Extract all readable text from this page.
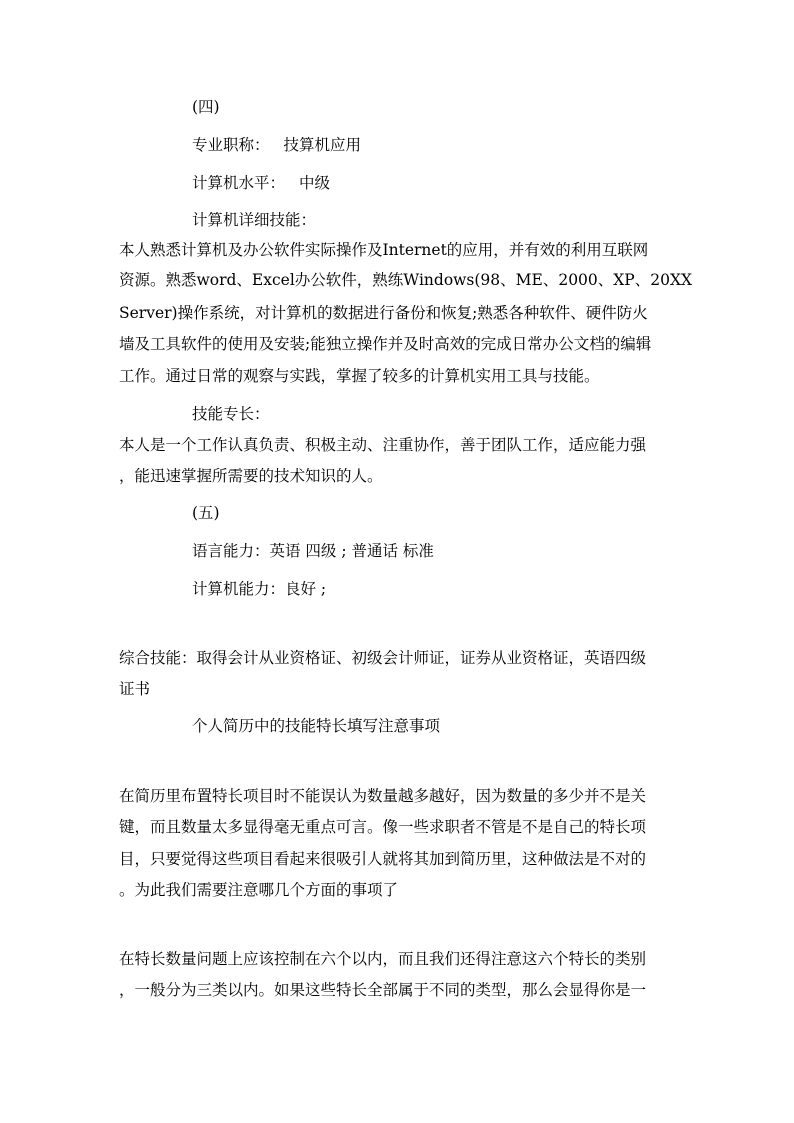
(四)

专业职称： 技算机应用

计算机水平： 中级

计算机详细技能：

本人熟悉计算机及办公软件实际操作及Internet的应用，并有效的利用互联网

资源。熟悉word、Excel办公软件，熟练Windows(98、ME、2000、XP、20XX

Server)操作系统，对计算机的数据进行备份和恢复;熟悉各种软件、硬件防火

墙及工具软件的使用及安装;能独立操作并及时高效的完成日常办公文档的编辑

工作。通过日常的观察与实践，掌握了较多的计算机实用工具与技能。

技能专长：

本人是一个工作认真负责、积极主动、注重协作，善于团队工作，适应能力强

，能迅速掌握所需要的技术知识的人。

(五)

语言能力：英语 四级 ; 普通话 标准

计算机能力：良好 ;

综合技能：取得会计从业资格证、初级会计师证，证券从业资格证，英语四级

证书

个人简历中的技能特长填写注意事项

在简历里布置特长项目时不能误认为数量越多越好，因为数量的多少并不是关

键，而且数量太多显得毫无重点可言。像一些求职者不管是不是自己的特长项

目，只要觉得这些项目看起来很吸引人就将其加到简历里，这种做法是不对的

。为此我们需要注意哪几个方面的事项了

在特长数量问题上应该控制在六个以内，而且我们还得注意这六个特长的类别

，一般分为三类以内。如果这些特长全部属于不同的类型，那么会显得你是一
